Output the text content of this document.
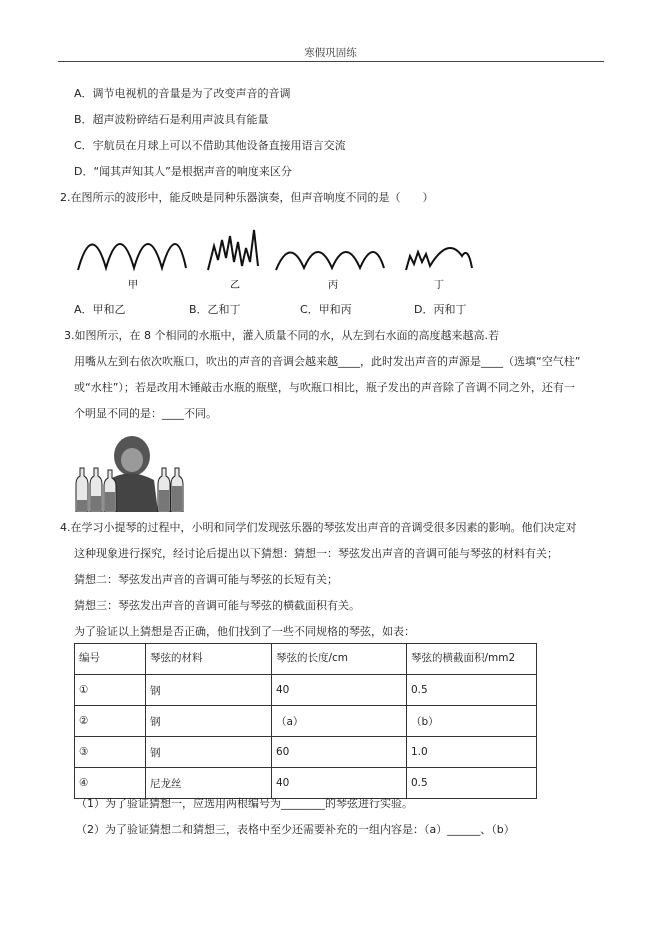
寒假巩固练
A．调节电视机的音量是为了改变声音的音调
B．超声波粉碎结石是利用声波具有能量
C．宇航员在月球上可以不借助其他设备直接用语言交流
D．“闻其声知其人”是根据声音的响度来区分
2.在图所示的波形中，能反映是同种乐器演奏，但声音响度不同的是（　　）
甲	乙	丙	丁
A．甲和乙	B．乙和丁	C．甲和丙	D．丙和丁
3.如图所示，在 8 个相同的水瓶中，灌入质量不同的水，从左到右水面的高度越来越高.若
用嘴从左到右依次吹瓶口，吹出的声音的音调会越来越____，此时发出声音的声源是____（选填“空气柱”
或“水柱”）；若是改用木锤敲击水瓶的瓶壁，与吹瓶口相比，瓶子发出的声音除了音调不同之外，还有一
个明显不同的是：____不同。
4.在学习小提琴的过程中，小明和同学们发现弦乐器的琴弦发出声音的音调受很多因素的影响。他们决定对
这种现象进行探究，经讨论后提出以下猜想：猜想一：琴弦发出声音的音调可能与琴弦的材料有关；
猜想二：琴弦发出声音的音调可能与琴弦的长短有关；
猜想三：琴弦发出声音的音调可能与琴弦的横截面积有关。
为了验证以上猜想是否正确，他们找到了一些不同规格的琴弦，如表：
编号	琴弦的材料	琴弦的长度/cm	琴弦的横截面积/mm2
①	钢	40	0.5
②	钢	（a）	（b）
③	钢	60	1.0
④	尼龙丝	40	0.5
（1）为了验证猜想一，应选用两根编号为________的琴弦进行实验。
（2）为了验证猜想二和猜想三，表格中至少还需要补充的一组内容是：（a）______、（b）
